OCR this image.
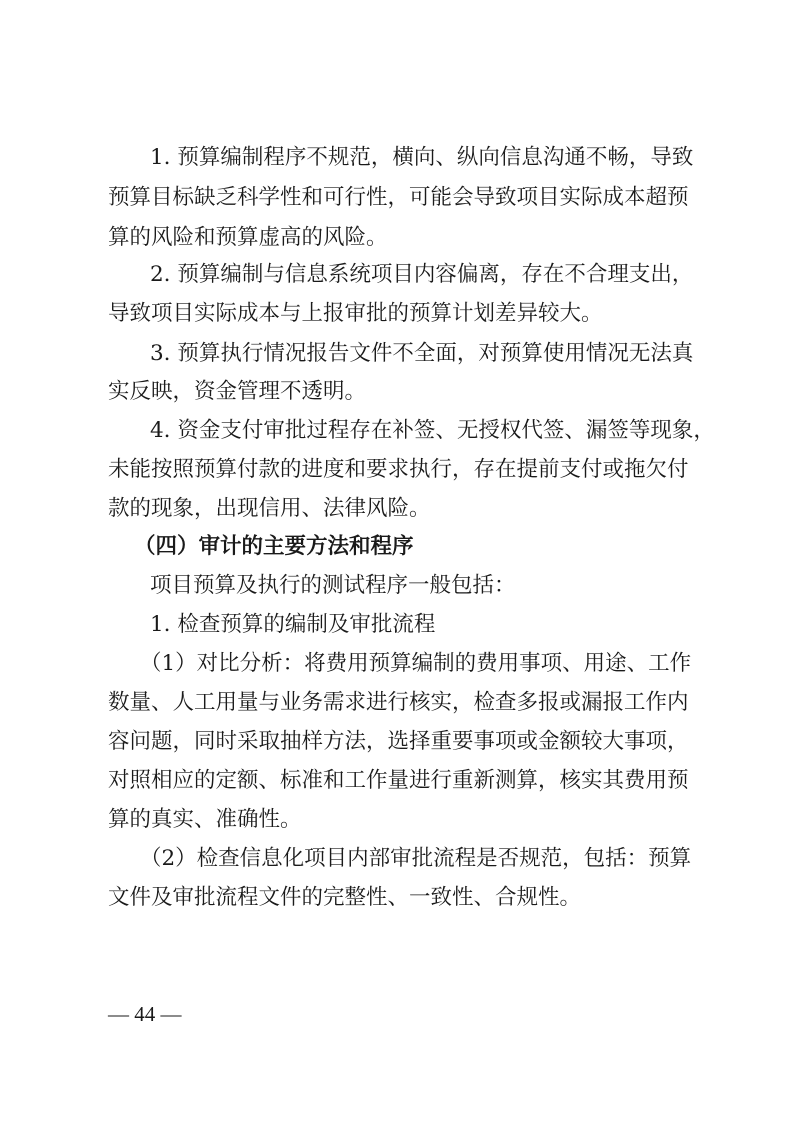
1. 预算编制程序不规范，横向、纵向信息沟通不畅，导致
预算目标缺乏科学性和可行性，可能会导致项目实际成本超预
算的风险和预算虚高的风险。
2. 预算编制与信息系统项目内容偏离，存在不合理支出，
导致项目实际成本与上报审批的预算计划差异较大。
3. 预算执行情况报告文件不全面，对预算使用情况无法真
实反映，资金管理不透明。
4. 资金支付审批过程存在补签、无授权代签、漏签等现象，
未能按照预算付款的进度和要求执行，存在提前支付或拖欠付
款的现象，出现信用、法律风险。
（四）审计的主要方法和程序
项目预算及执行的测试程序一般包括：
1. 检查预算的编制及审批流程
（1）对比分析：将费用预算编制的费用事项、用途、工作
数量、人工用量与业务需求进行核实，检查多报或漏报工作内
容问题，同时采取抽样方法，选择重要事项或金额较大事项，
对照相应的定额、标准和工作量进行重新测算，核实其费用预
算的真实、准确性。
（2）检查信息化项目内部审批流程是否规范，包括：预算
文件及审批流程文件的完整性、一致性、合规性。
— 44 —
